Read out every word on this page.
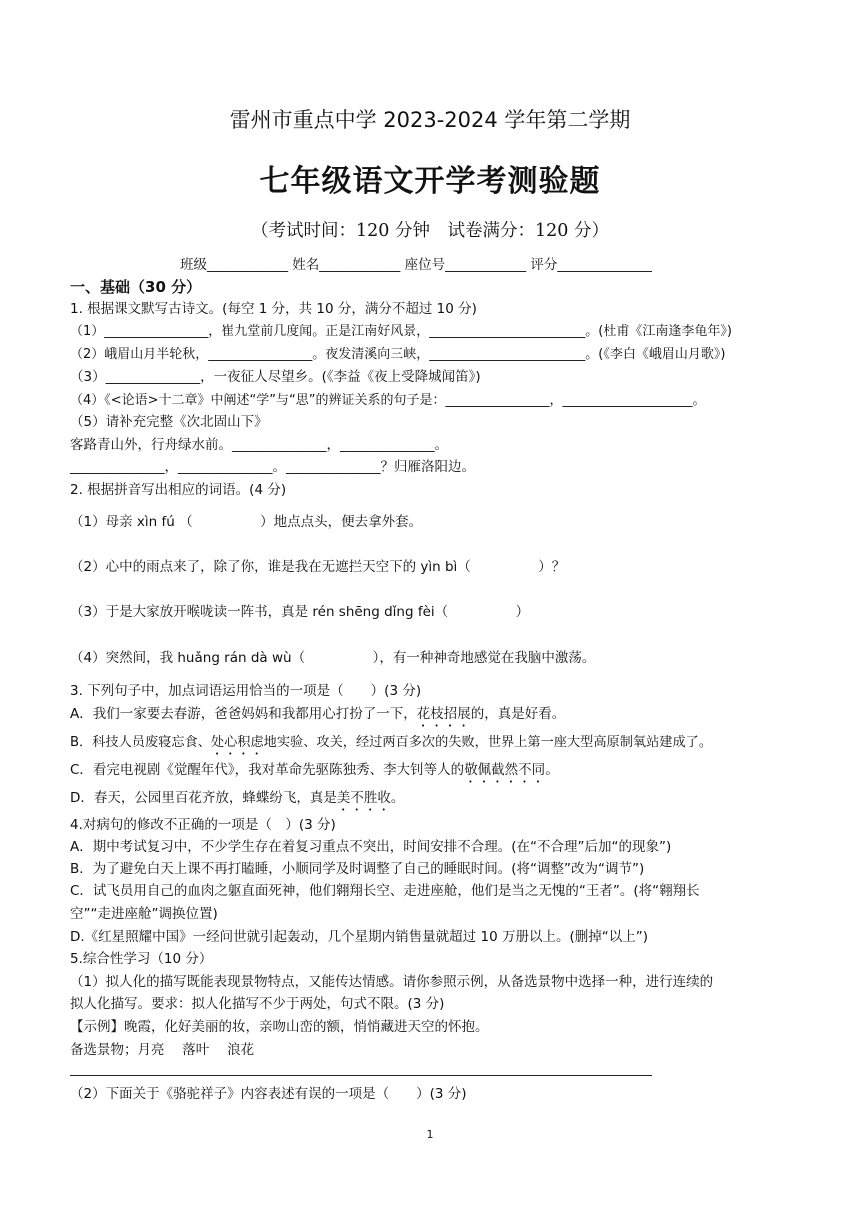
雷州市重点中学 2023-2024 学年第二学期
七年级语文开学考测验题
（考试时间：120 分钟　试卷满分：120 分）
班级____________ 姓名____________ 座位号____________ 评分______________
一、基础（30 分）
1. 根据课文默写古诗文。(每空 1 分，共 10 分，满分不超过 10 分)
（1）________________，崔九堂前几度闻。正是江南好风景，________________________。(杜甫《江南逢李龟年》)
（2）峨眉山月半轮秋，________________。夜发清溪向三峡，________________________。(《李白《峨眉山月歌》)
（3）______________，一夜征人尽望乡。(《李益《夜上受降城闻笛》)
（4）《<论语>十二章》中阐述“学”与“思”的辨证关系的句子是：________________，____________________。
（5）请补充完整《次北固山下》
客路青山外，行舟绿水前。______________，______________。
______________，______________。______________？归雁洛阳边。
2. 根据拼音写出相应的词语。(4 分)
（1）母亲 xìn fú （　　　　　）地点点头，便去拿外套。
（2）心中的雨点来了，除了你，谁是我在无遮拦天空下的 yìn bì（　　　　　）？
（3）于是大家放开喉咙读一阵书，真是 rén shēng dǐng fèi（　　　　　）
（4）突然间，我 huǎng rán dà wù（　　　　　），有一种神奇地感觉在我脑中激荡。
3. 下列句子中，加点词语运用恰当的一项是（　　）(3 分)
A．我们一家要去春游，爸爸妈妈和我都用心打扮了一下，花枝招展的，真是好看。
B．科技人员废寝忘食、处心积虑地实验、攻关，经过两百多次的失败，世界上第一座大型高原制氧站建成了。
C．看完电视剧《觉醒年代》，我对革命先驱陈独秀、李大钊等人的敬佩截然不同。
D．春天，公园里百花齐放，蜂蝶纷飞，真是美不胜收。
4.对病句的修改不正确的一项是（　）(3 分)
A．期中考试复习中，不少学生存在着复习重点不突出，时间安排不合理。(在“不合理”后加“的现象”)
B．为了避免白天上课不再打瞌睡，小顺同学及时调整了自己的睡眠时间。(将“调整”改为“调节”)
C．试飞员用自己的血肉之躯直面死神，他们翱翔长空、走进座舱，他们是当之无愧的“王者”。(将“翱翔长
空”“走进座舱”调换位置)
D.《红星照耀中国》一经问世就引起轰动，几个星期内销售量就超过 10 万册以上。(删掉“以上”)
5.综合性学习（10 分）
（1）拟人化的描写既能表现景物特点，又能传达情感。请你参照示例，从备选景物中选择一种，进行连续的
拟人化描写。要求：拟人化描写不少于两处，句式不限。(3 分)
【示例】晚霞，化好美丽的妆，亲吻山峦的额，悄悄藏进天空的怀抱。
备选景物；月亮　 落叶　 浪花
（2）下面关于《骆驼祥子》内容表述有误的一项是（　　）(3 分)
1
